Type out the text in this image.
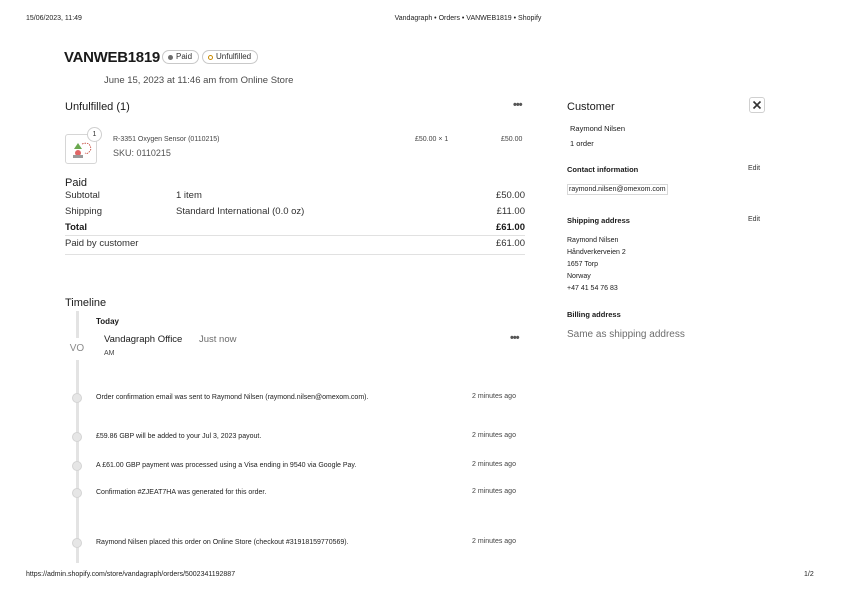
15/06/2023, 11:49	Vandagraph • Orders • VANWEB1819 • Shopify
VANWEB1819 Paid	Unfulfilled
June 15, 2023 at 11:46 am from Online Store
Unfulfilled (1)	•••
1
R-3351 Oxygen Sensor (0110215)
SKU: 0110215
£50.00 × 1	£50.00
Paid
Subtotal	1 item	£50.00
Shipping	Standard International (0.0 oz)	£11.00
Total	£61.00
Paid by customer	£61.00
Timeline
Today
VO
Vandagraph Office Just now
AM
•••
Order confirmation email was sent to Raymond Nilsen (raymond.nilsen@omexom.com).	2 minutes ago
£59.86 GBP will be added to your Jul 3, 2023 payout.	2 minutes ago
A £61.00 GBP payment was processed using a Visa ending in 9540 via Google Pay.	2 minutes ago
Confirmation #ZJEAT7HA was generated for this order.	2 minutes ago
Raymond Nilsen placed this order on Online Store (checkout #31918159770569).	2 minutes ago
Customer
Raymond Nilsen
1 order
Contact information	Edit
raymond.nilsen@omexom.com
Shipping address	Edit
Raymond Nilsen
Håndverkerveien 2
1657 Torp
Norway
+47 41 54 76 83
Billing address
Same as shipping address
https://admin.shopify.com/store/vandagraph/orders/5002341192887	1/2
